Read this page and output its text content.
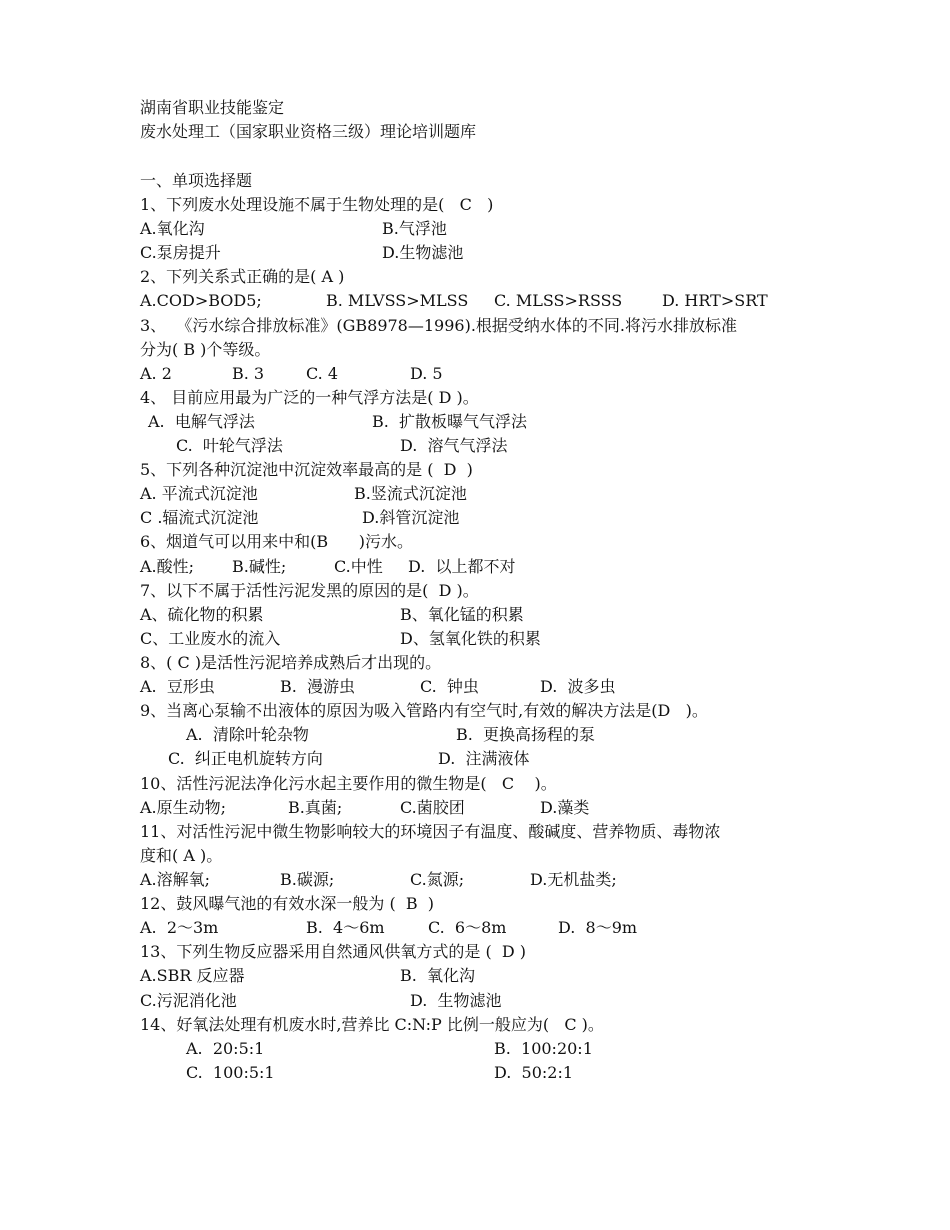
湖南省职业技能鉴定
废水处理工（国家职业资格三级）理论培训题库
一、单项选择题
1、下列废水处理设施不属于生物处理的是(   C   )
A.氧化沟	B.气浮池
C.泵房提升	D.生物滤池
2、下列关系式正确的是( A )
A.COD>BOD5;	B. MLVSS>MLSS C. MLSS>RSSS D. HRT>SRT
3、  《污水综合排放标准》(GB8978—1996).根据受纳水体的不同.将污水排放标准
分为( B )个等级。
A. 2	B. 3	C. 4	D. 5
4、 目前应用最为广泛的一种气浮方法是( D )。
A.  电解气浮法	B.  扩散板曝气气浮法
C.  叶轮气浮法	D.  溶气气浮法
5、下列各种沉淀池中沉淀效率最高的是 (  D  )
A. 平流式沉淀池	B.竖流式沉淀池
C .辐流式沉淀池	D.斜管沉淀池
6、烟道气可以用来中和(B      )污水。
A.酸性; B.碱性;	C.中性 D.  以上都不对
7、以下不属于活性污泥发黑的原因的是(  D )。
A、硫化物的积累	B、氧化锰的积累
C、工业废水的流入	D、氢氧化铁的积累
8、( C )是活性污泥培养成熟后才出现的。
A.  豆形虫	B.  漫游虫	C.  钟虫	D.  波多虫
9、当离心泵输不出液体的原因为吸入管路内有空气时,有效的解决方法是(D   )。
A.  清除叶轮杂物	B.  更换高扬程的泵
C.  纠正电机旋转方向	D.  注满液体
10、活性污泥法净化污水起主要作用的微生物是(   C    )。
A.原生动物;	B.真菌;	C.菌胶团	D.藻类
11、对活性污泥中微生物影响较大的环境因子有温度、酸碱度、营养物质、毒物浓
度和( A )。
A.溶解氧;	B.碳源;	C.氮源;	D.无机盐类;
12、鼓风曝气池的有效水深一般为 (  B  )
A.  2～3m	B.  4～6m	C.  6～8m	D.  8～9m
13、下列生物反应器采用自然通风供氧方式的是 (  D )
A.SBR 反应器	B.  氧化沟
C.污泥消化池	D.  生物滤池
14、好氧法处理有机废水时,营养比 C:N:P 比例一般应为(   C )。
A.  20:5:1	B.  100:20:1
C.  100:5:1	D.  50:2:1
